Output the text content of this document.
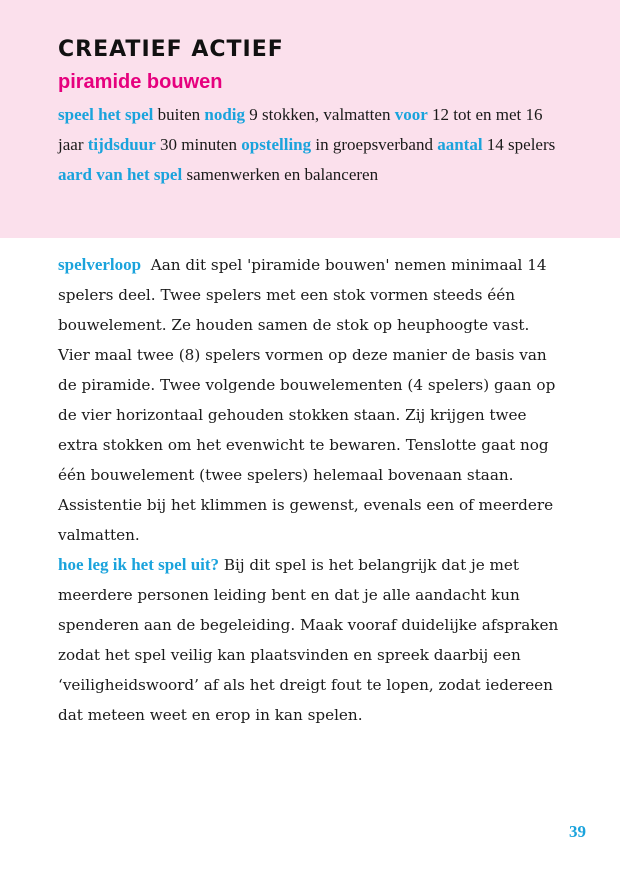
CREATIEF ACTIEF
piramide bouwen

speel het spel buiten nodig 9 stokken, valmatten voor 12 tot en met 16 jaar tijdsduur 30 minuten opstelling in groepsverband aantal 14 spelers aard van het spel samenwerken en balanceren

spelverloop Aan dit spel 'piramide bouwen' nemen minimaal 14 spelers deel. Twee spelers met een stok vormen steeds één bouwelement. Ze houden samen de stok op heuphoogte vast. Vier maal twee (8) spelers vormen op deze manier de basis van de piramide. Twee volgende bouwelementen (4 spelers) gaan op de vier horizontaal gehouden stokken staan. Zij krijgen twee extra stokken om het evenwicht te bewaren. Tenslotte gaat nog één bouwelement (twee spelers) helemaal bovenaan staan. Assistentie bij het klimmen is gewenst, evenals een of meerdere valmatten.
hoe leg ik het spel uit? Bij dit spel is het belangrijk dat je met meerdere personen leiding bent en dat je alle aandacht kun spenderen aan de begeleiding. Maak vooraf duidelijke afspraken zodat het spel veilig kan plaatsvinden en spreek daarbij een ‘veiligheidswoord’ af als het dreigt fout te lopen, zodat iedereen dat meteen weet en erop in kan spelen.

39
